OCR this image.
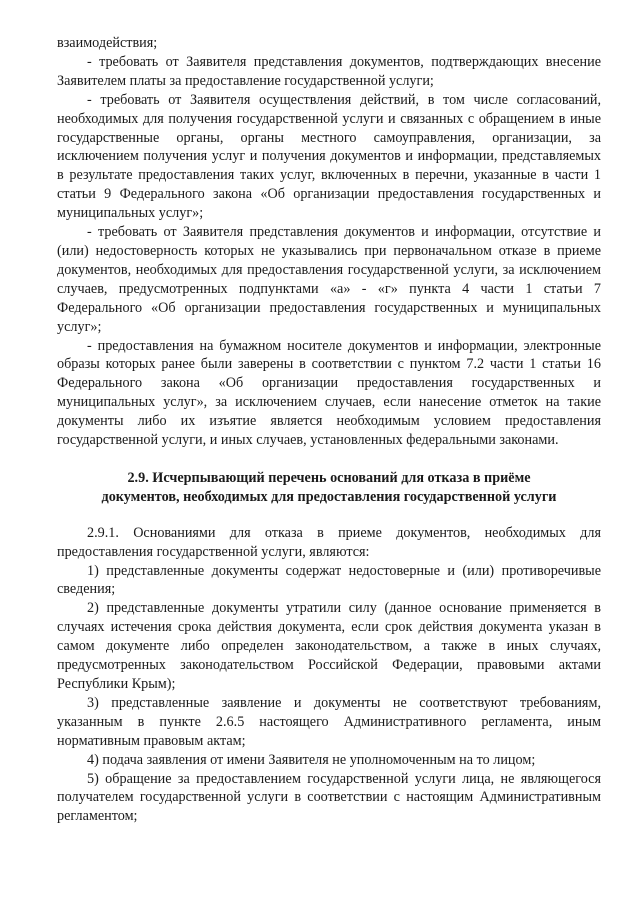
взаимодействия;

- требовать от Заявителя представления документов, подтверждающих внесение Заявителем платы за предоставление государственной услуги;

- требовать от Заявителя осуществления действий, в том числе согласований, необходимых для получения государственной услуги и связанных с обращением в иные государственные органы, органы местного самоуправления, организации, за исключением получения услуг и получения документов и информации, представляемых в результате предоставления таких услуг, включенных в перечни, указанные в части 1 статьи 9 Федерального закона «Об организации предоставления государственных и муниципальных услуг»;

- требовать от Заявителя представления документов и информации, отсутствие и (или) недостоверность которых не указывались при первоначальном отказе в приеме документов, необходимых для предоставления государственной услуги, за исключением случаев, предусмотренных подпунктами «а» - «г» пункта 4 части 1 статьи 7 Федерального «Об организации предоставления государственных и муниципальных услуг»;

- предоставления на бумажном носителе документов и информации, электронные образы которых ранее были заверены в соответствии с пунктом 7.2 части 1 статьи 16 Федерального закона «Об организации предоставления государственных и муниципальных услуг», за исключением случаев, если нанесение отметок на такие документы либо их изъятие является необходимым условием предоставления государственной услуги, и иных случаев, установленных федеральными законами.

2.9. Исчерпывающий перечень оснований для отказа в приёме
документов, необходимых для предоставления государственной услуги

2.9.1. Основаниями для отказа в приеме документов, необходимых для предоставления государственной услуги, являются:

1) представленные документы содержат недостоверные и (или) противоречивые сведения;

2) представленные документы утратили силу (данное основание применяется в случаях истечения срока действия документа, если срок действия документа указан в самом документе либо определен законодательством, а также в иных случаях, предусмотренных законодательством Российской Федерации, правовыми актами Республики Крым);

3) представленные заявление и документы не соответствуют требованиям, указанным в пункте 2.6.5 настоящего Административного регламента, иным нормативным правовым актам;

4) подача заявления от имени Заявителя не уполномоченным на то лицом;

5) обращение за предоставлением государственной услуги лица, не являющегося получателем государственной услуги в соответствии с настоящим Административным регламентом;
